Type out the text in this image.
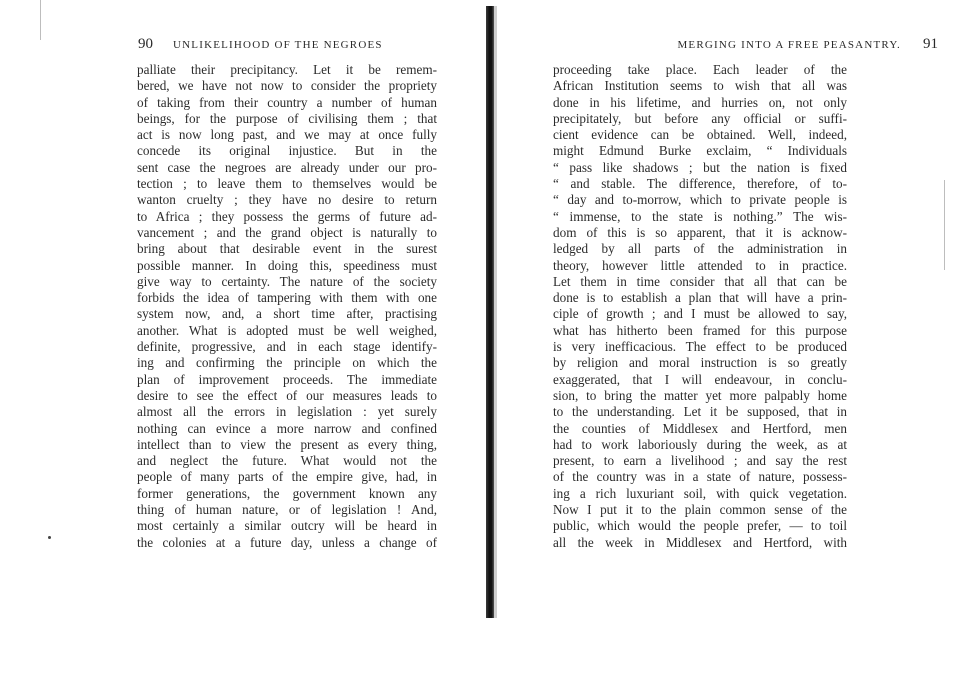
90 UNLIKELIHOOD OF THE NEGROES
palliate their precipitancy. Let it be remem-
bered, we have not now to consider the propriety
of taking from their country a number of human
beings, for the purpose of civilising them ; that
act is now long past, and we may at once fully
concede its original injustice. But in the
sent case the negroes are already under our pro-
tection ; to leave them to themselves would be
wanton cruelty ; they have no desire to return
to Africa ; they possess the germs of future ad-
vancement ; and the grand object is naturally to
bring about that desirable event in the surest
possible manner. In doing this, speediness must
give way to certainty. The nature of the society
forbids the idea of tampering with them with one
system now, and, a short time after, practising
another. What is adopted must be well weighed,
definite, progressive, and in each stage identify-
ing and confirming the principle on which the
plan of improvement proceeds. The immediate
desire to see the effect of our measures leads to
almost all the errors in legislation : yet surely
nothing can evince a more narrow and confined
intellect than to view the present as every thing,
and neglect the future. What would not the
people of many parts of the empire give, had, in
former generations, the government known any
thing of human nature, or of legislation ! And,
most certainly a similar outcry will be heard in
the colonies at a future day, unless a change of
MERGING INTO A FREE PEASANTRY. 91
proceeding take place. Each leader of the
African Institution seems to wish that all was
done in his lifetime, and hurries on, not only
precipitately, but before any official or suffi-
cient evidence can be obtained. Well, indeed,
might Edmund Burke exclaim, “ Individuals
“ pass like shadows ; but the nation is fixed
“ and stable. The difference, therefore, of to-
“ day and to-morrow, which to private people is
“ immense, to the state is nothing.” The wis-
dom of this is so apparent, that it is acknow-
ledged by all parts of the administration in
theory, however little attended to in practice.
Let them in time consider that all that can be
done is to establish a plan that will have a prin-
ciple of growth ; and I must be allowed to say,
what has hitherto been framed for this purpose
is very inefficacious. The effect to be produced
by religion and moral instruction is so greatly
exaggerated, that I will endeavour, in conclu-
sion, to bring the matter yet more palpably home
to the understanding. Let it be supposed, that in
the counties of Middlesex and Hertford, men
had to work laboriously during the week, as at
present, to earn a livelihood ; and say the rest
of the country was in a state of nature, possess-
ing a rich luxuriant soil, with quick vegetation.
Now I put it to the plain common sense of the
public, which would the people prefer, — to toil
all the week in Middlesex and Hertford, with
